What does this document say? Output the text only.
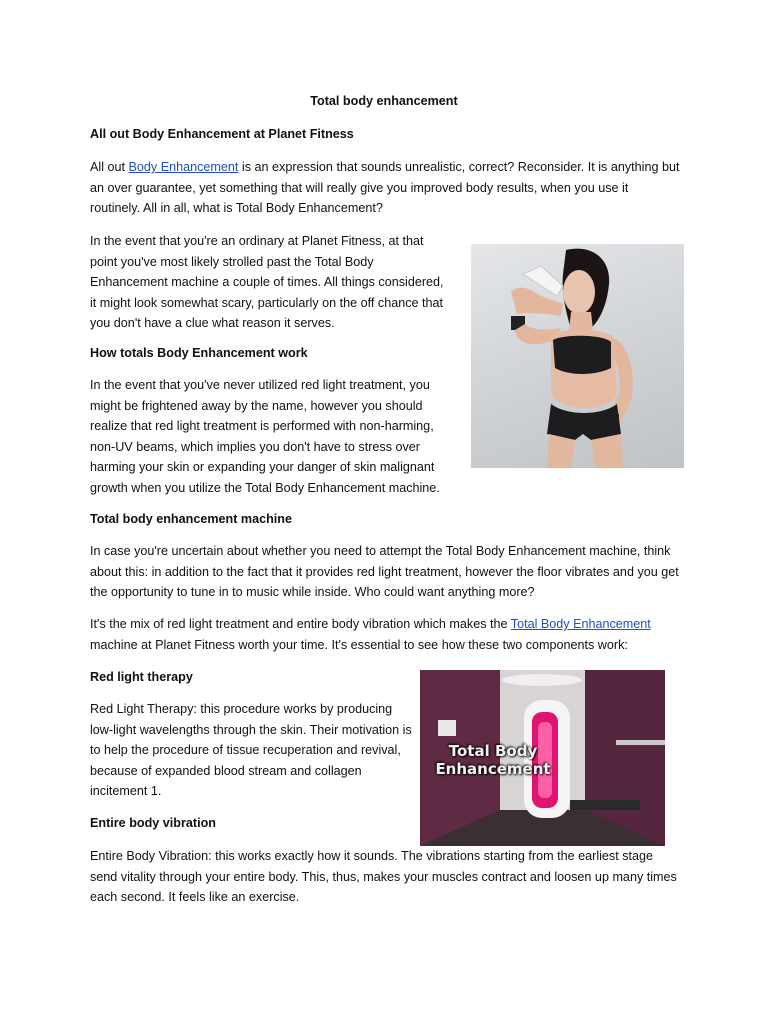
Total body enhancement

All out Body Enhancement at Planet Fitness

All out Body Enhancement is an expression that sounds unrealistic, correct? Reconsider. It is anything but an over guarantee, yet something that will really give you improved body results, when you use it routinely. All in all, what is Total Body Enhancement?

In the event that you're an ordinary at Planet Fitness, at that point you've most likely strolled past the Total Body Enhancement machine a couple of times. All things considered, it might look somewhat scary, particularly on the off chance that you don't have a clue what reason it serves.

How totals Body Enhancement work

In the event that you've never utilized red light treatment, you might be frightened away by the name, however you should realize that red light treatment is performed with non-harming, non-UV beams, which implies you don't have to stress over harming your skin or expanding your danger of skin malignant growth when you utilize the Total Body Enhancement machine.

Total body enhancement machine

In case you're uncertain about whether you need to attempt the Total Body Enhancement machine, think about this: in addition to the fact that it provides red light treatment, however the floor vibrates and you get the opportunity to tune in to music while inside. Who could want anything more?

It's the mix of red light treatment and entire body vibration which makes the Total Body Enhancement machine at Planet Fitness worth your time. It's essential to see how these two components work:

Red light therapy

Red Light Therapy: this procedure works by producing low-light wavelengths through the skin. Their motivation is to help the procedure of tissue recuperation and revival, because of expanded blood stream and collagen incitement 1.

Total Body
Enhancement

Entire body vibration

Entire Body Vibration: this works exactly how it sounds. The vibrations starting from the earliest stage send vitality through your entire body. This, thus, makes your muscles contract and loosen up many times each second. It feels like an exercise.
